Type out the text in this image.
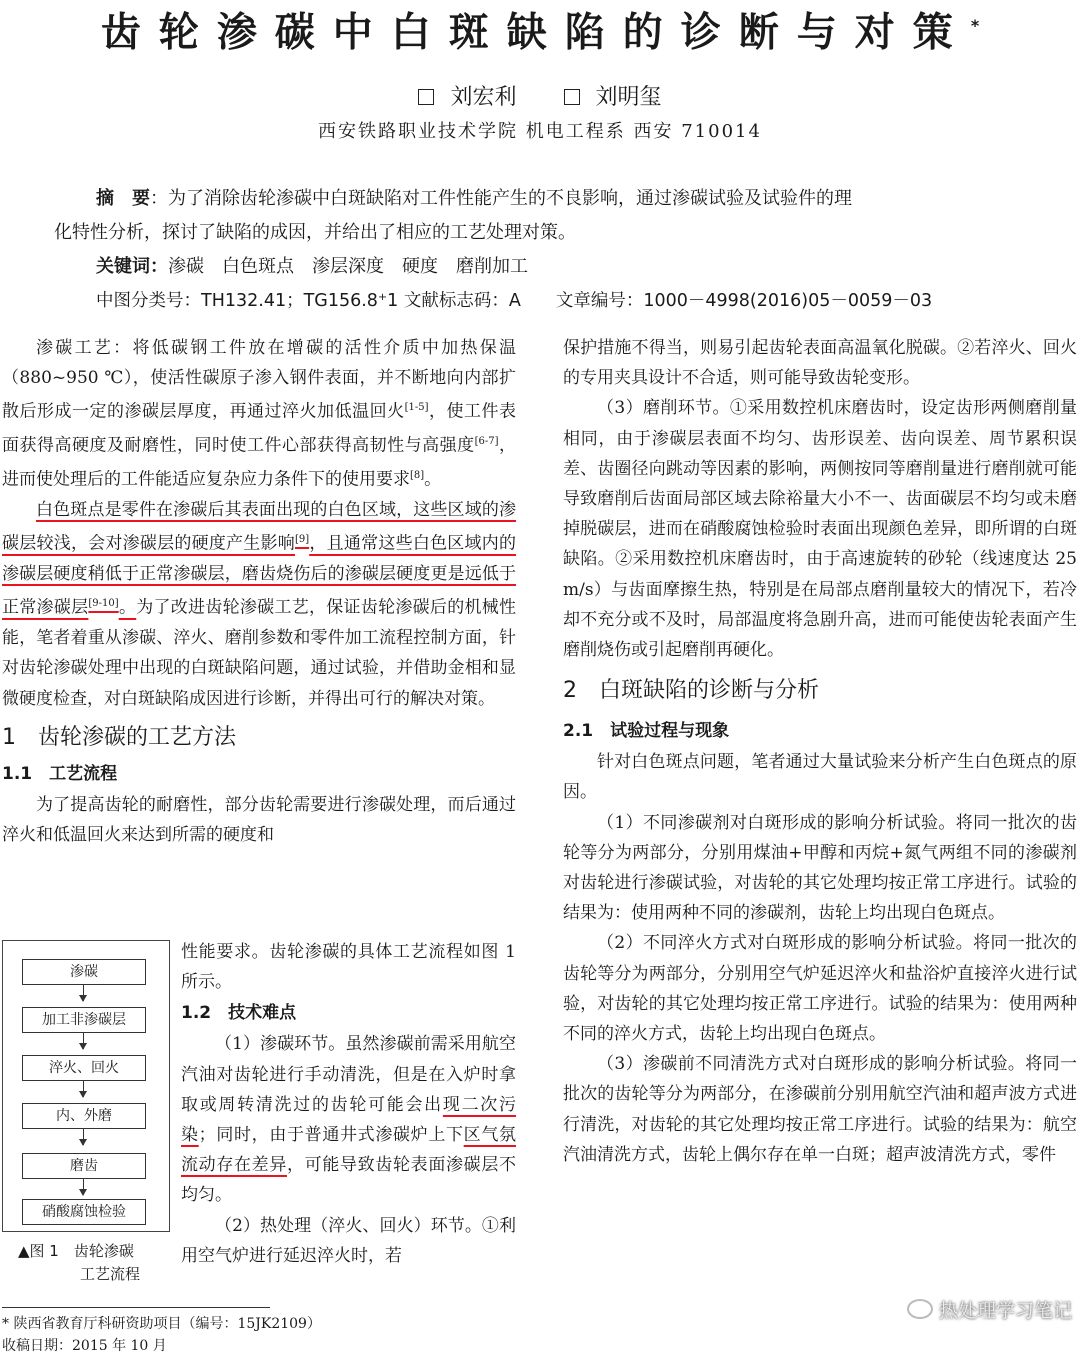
齿轮渗碳中白斑缺陷的诊断与对策*
刘宏利	刘明玺
西安铁路职业技术学院 机电工程系 西安 710014
摘　要：为了消除齿轮渗碳中白斑缺陷对工件性能产生的不良影响，通过渗碳试验及试验件的理
化特性分析，探讨了缺陷的成因，并给出了相应的工艺处理对策。
关键词：渗碳　白色斑点　渗层深度　硬度　磨削加工
中图分类号：TH132.41；TG156.8⁺1 文献标志码：A　　文章编号：1000－4998(2016)05－0059－03

渗碳工艺：将低碳钢工件放在增碳的活性介质中加热保温（880~950 ℃），使活性碳原子渗入钢件表面，并不断地向内部扩散后形成一定的渗碳层厚度，再通过淬火加低温回火[1-5]，使工件表面获得高硬度及耐磨性，同时使工件心部获得高韧性与高强度[6-7]，进而使处理后的工件能适应复杂应力条件下的使用要求[8]。

白色斑点是零件在渗碳后其表面出现的白色区域，这些区域的渗碳层较浅，会对渗碳层的硬度产生影响[9]，且通常这些白色区域内的渗碳层硬度稍低于正常渗碳层，磨齿烧伤后的渗碳层硬度更是远低于正常渗碳层[9-10]。为了改进齿轮渗碳工艺，保证齿轮渗碳后的机械性能，笔者着重从渗碳、淬火、磨削参数和零件加工流程控制方面，针对齿轮渗碳处理中出现的白斑缺陷问题，通过试验，并借助金相和显微硬度检查，对白斑缺陷成因进行诊断，并得出可行的解决对策。

1　齿轮渗碳的工艺方法
1.1　工艺流程

为了提高齿轮的耐磨性，部分齿轮需要进行渗碳处理，而后通过淬火和低温回火来达到所需的硬度和

性能要求。齿轮渗碳的具体工艺流程如图 1 所示。
1.2　技术难点

（1）渗碳环节。虽然渗碳前需采用航空汽油对齿轮进行手动清洗，但是在入炉时拿取或周转清洗过的齿轮可能会出现二次污染；同时，由于普通井式渗碳炉上下区气氛流动存在差异，可能导致齿轮表面渗碳层不均匀。

（2）热处理（淬火、回火）环节。①利用空气炉进行延迟淬火时，若

渗碳
加工非渗碳层
淬火、回火
内、外磨
磨齿
硝酸腐蚀检验
▲图 1　齿轮渗碳
工艺流程
* 陕西省教育厅科研资助项目（编号：15JK2109）
收稿日期：2015 年 10 月
保护措施不得当，则易引起齿轮表面高温氧化脱碳。②若淬火、回火的专用夹具设计不合适，则可能导致齿轮变形。

（3）磨削环节。①采用数控机床磨齿时，设定齿形两侧磨削量相同，由于渗碳层表面不均匀、齿形误差、齿向误差、周节累积误差、齿圈径向跳动等因素的影响，两侧按同等磨削量进行磨削就可能导致磨削后齿面局部区域去除裕量大小不一、齿面碳层不均匀或未磨掉脱碳层，进而在硝酸腐蚀检验时表面出现颜色差异，即所谓的白斑缺陷。②采用数控机床磨齿时，由于高速旋转的砂轮（线速度达 25 m/s）与齿面摩擦生热，特别是在局部点磨削量较大的情况下，若冷却不充分或不及时，局部温度将急剧升高，进而可能使齿轮表面产生磨削烧伤或引起磨削再硬化。

2　白斑缺陷的诊断与分析
2.1　试验过程与现象

针对白色斑点问题，笔者通过大量试验来分析产生白色斑点的原因。

（1）不同渗碳剂对白斑形成的影响分析试验。将同一批次的齿轮等分为两部分，分别用煤油+甲醇和丙烷+氮气两组不同的渗碳剂对齿轮进行渗碳试验，对齿轮的其它处理均按正常工序进行。试验的结果为：使用两种不同的渗碳剂，齿轮上均出现白色斑点。

（2）不同淬火方式对白斑形成的影响分析试验。将同一批次的齿轮等分为两部分，分别用空气炉延迟淬火和盐浴炉直接淬火进行试验，对齿轮的其它处理均按正常工序进行。试验的结果为：使用两种不同的淬火方式，齿轮上均出现白色斑点。

（3）渗碳前不同清洗方式对白斑形成的影响分析试验。将同一批次的齿轮等分为两部分，在渗碳前分别用航空汽油和超声波方式进行清洗，对齿轮的其它处理均按正常工序进行。试验的结果为：航空汽油清洗方式，齿轮上偶尔存在单一白斑；超声波清洗方式，零件

热处理学习笔记
